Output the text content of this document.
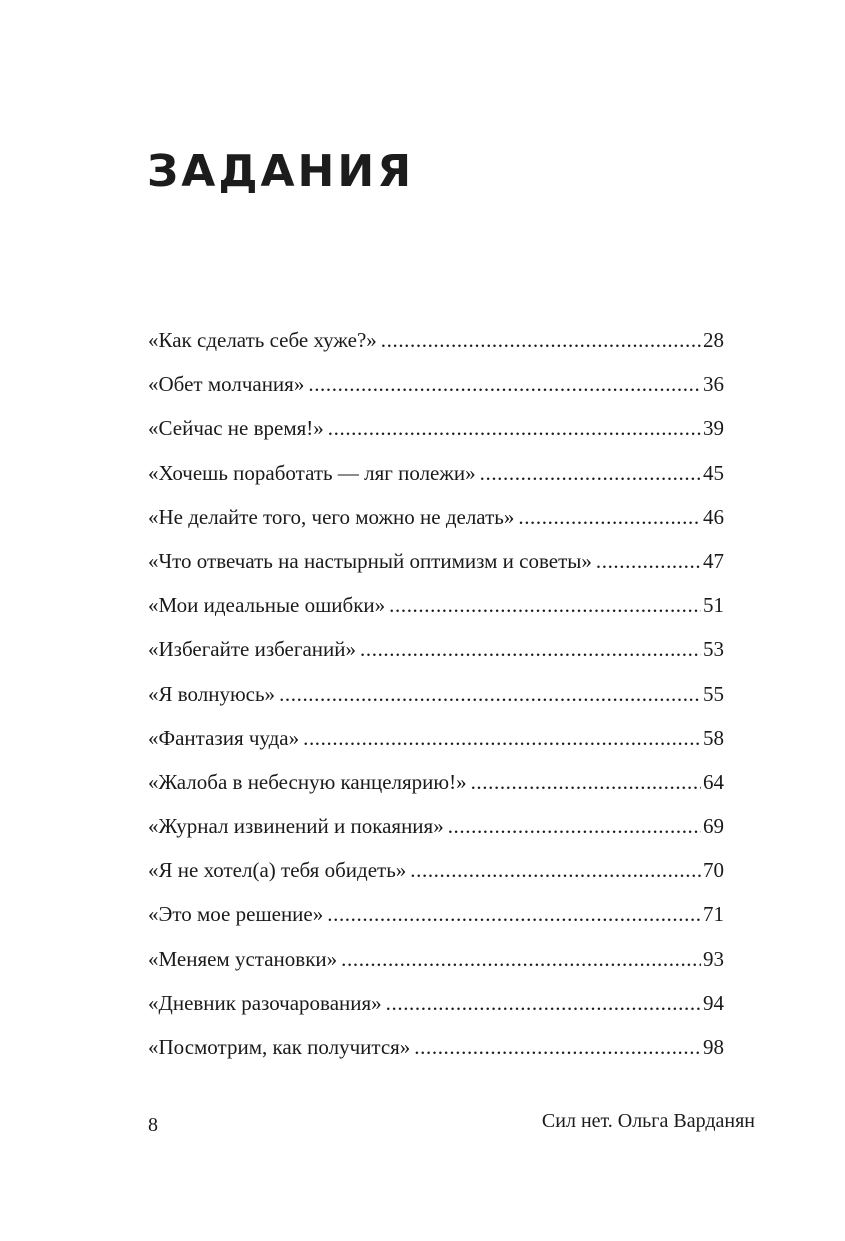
ЗАДАНИЯ
«Как сделать себе хуже?» .....	28
«Обет молчания» .....	36
«Сейчас не время!» .....	39
«Хочешь поработать — ляг полежи» .....	45
«Не делайте того, чего можно не делать» .....	46
«Что отвечать на настырный оптимизм и советы» .....	47
«Мои идеальные ошибки» .....	51
«Избегайте избеганий» .....	53
«Я волнуюсь» .....	55
«Фантазия чуда» .....	58
«Жалоба в небесную канцелярию!» .....	64
«Журнал извинений и покаяния» .....	69
«Я не хотел(а) тебя обидеть» .....	70
«Это мое решение» .....	71
«Меняем установки» .....	93
«Дневник разочарования» .....	94
«Посмотрим, как получится» .....	98
8	Сил нет. Ольга Варданян
